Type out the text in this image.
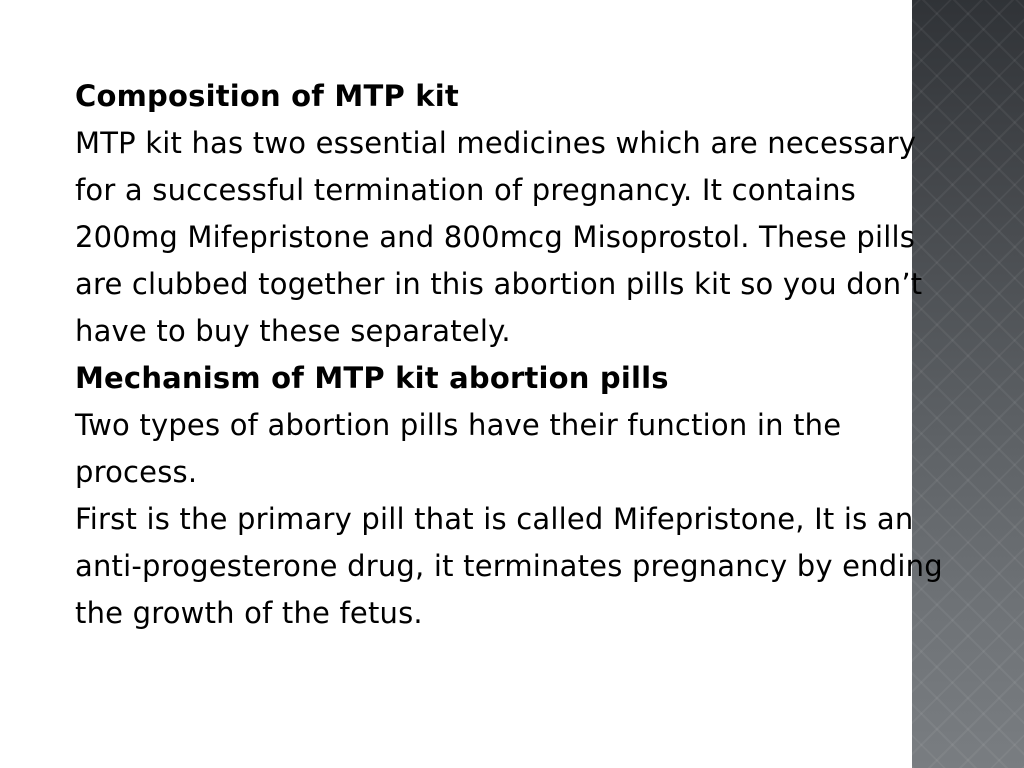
Composition of MTP kit

MTP kit has two essential medicines which are necessary for a successful termination of pregnancy. It contains 200mg Mifepristone and 800mcg Misoprostol. These pills are clubbed together in this abortion pills kit so you don’t have to buy these separately.

Mechanism of MTP kit abortion pills

Two types of abortion pills have their function in the process.

First is the primary pill that is called Mifepristone, It is an anti-progesterone drug, it terminates pregnancy by ending the growth of the fetus.
